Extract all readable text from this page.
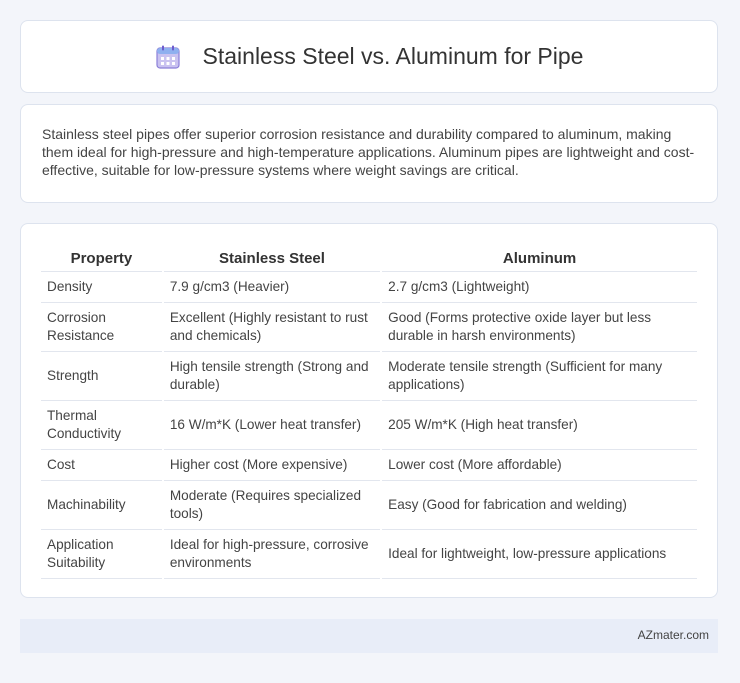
Stainless Steel vs. Aluminum for Pipe

Stainless steel pipes offer superior corrosion resistance and durability compared to aluminum, making them ideal for high-pressure and high-temperature applications. Aluminum pipes are lightweight and cost-effective, suitable for low-pressure systems where weight savings are critical.

Property	Stainless Steel	Aluminum
Density	7.9 g/cm3 (Heavier)	2.7 g/cm3 (Lightweight)
Corrosion Resistance	Excellent (Highly resistant to rust and chemicals)	Good (Forms protective oxide layer but less durable in harsh environments)
Strength	High tensile strength (Strong and durable)	Moderate tensile strength (Sufficient for many applications)
Thermal Conductivity	16 W/m*K (Lower heat transfer)	205 W/m*K (High heat transfer)
Cost	Higher cost (More expensive)	Lower cost (More affordable)
Machinability	Moderate (Requires specialized tools)	Easy (Good for fabrication and welding)
Application Suitability	Ideal for high-pressure, corrosive environments	Ideal for lightweight, low-pressure applications
AZmater.com
